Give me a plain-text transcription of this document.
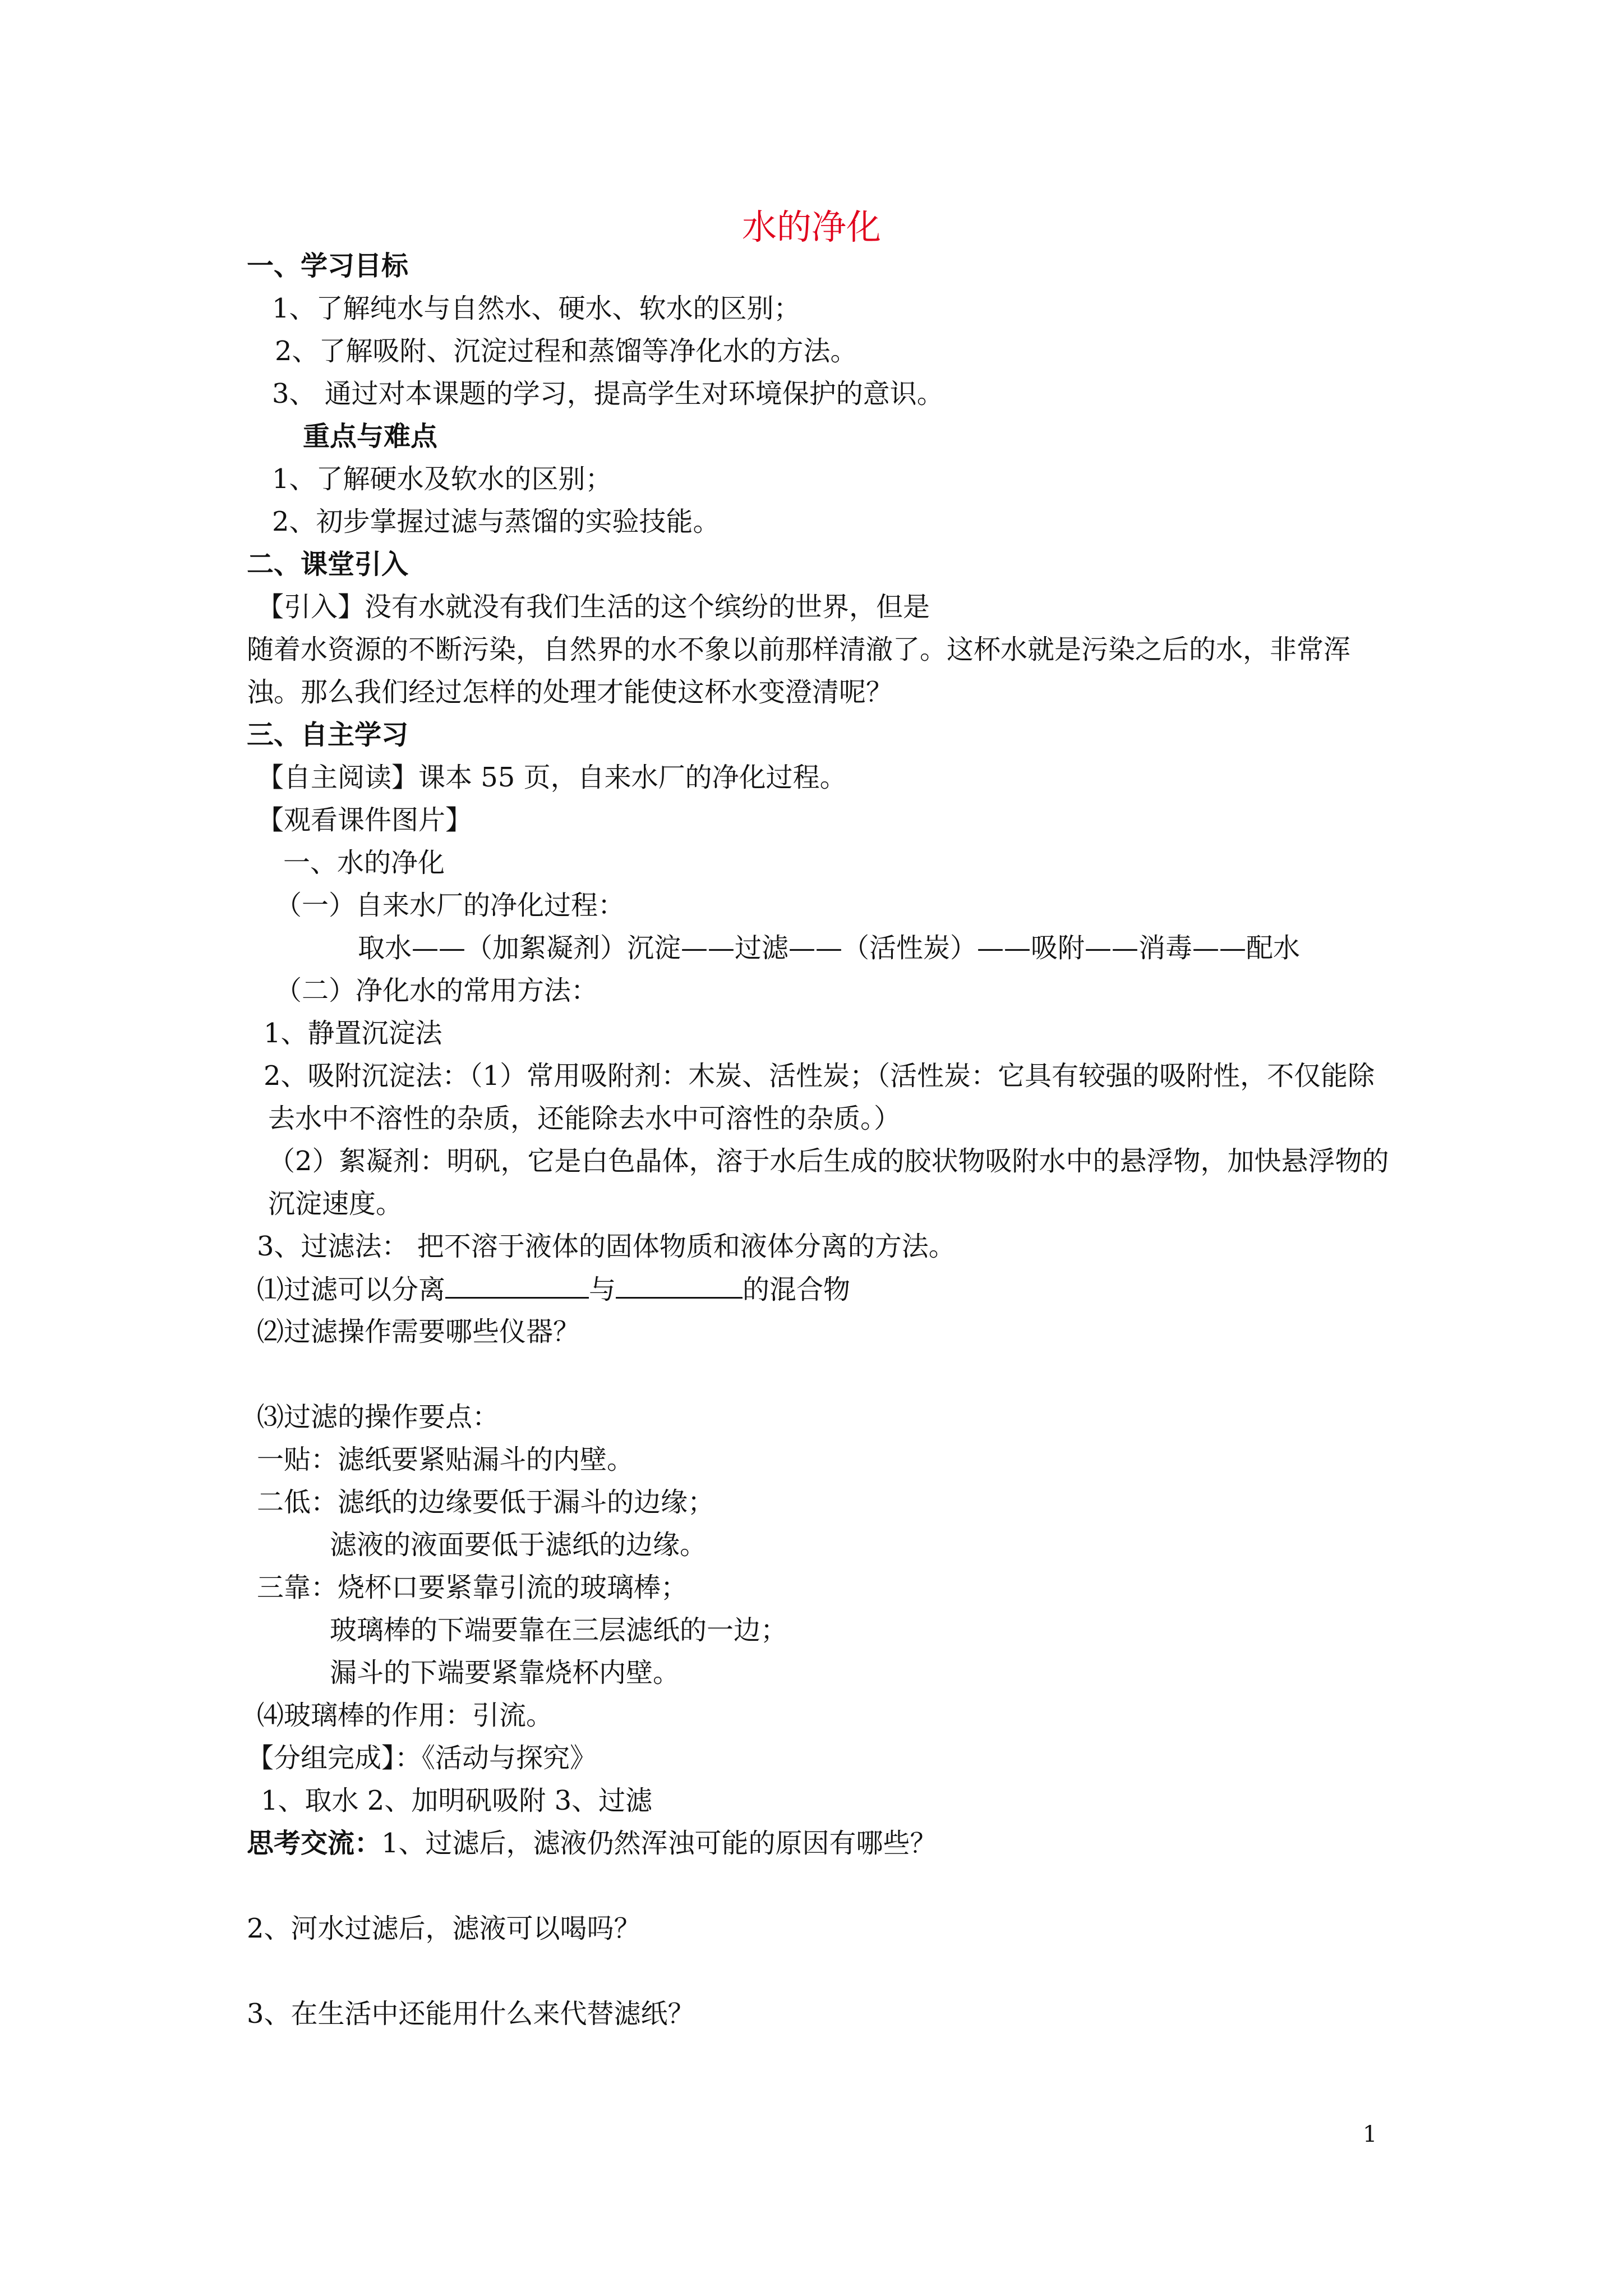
水的净化
一、学习目标
1、了解纯水与自然水、硬水、软水的区别；
2、了解吸附、沉淀过程和蒸馏等净化水的方法。
3、 通过对本课题的学习，提高学生对环境保护的意识。
重点与难点
1、了解硬水及软水的区别；
2、初步掌握过滤与蒸馏的实验技能。
二、课堂引入
【引入】没有水就没有我们生活的这个缤纷的世界，但是
随着水资源的不断污染，自然界的水不象以前那样清澈了。这杯水就是污染之后的水，非常浑
浊。那么我们经过怎样的处理才能使这杯水变澄清呢？
三、自主学习
【自主阅读】课本 55 页，自来水厂的净化过程。
【观看课件图片】
一、水的净化
（一）自来水厂的净化过程：
取水——（加絮凝剂）沉淀——过滤——（活性炭）——吸附——消毒——配水
（二）净化水的常用方法：
1、静置沉淀法
2、吸附沉淀法：（1）常用吸附剂：木炭、活性炭；（活性炭：它具有较强的吸附性，不仅能除
去水中不溶性的杂质，还能除去水中可溶性的杂质。）
（2）絮凝剂：明矾，它是白色晶体，溶于水后生成的胶状物吸附水中的悬浮物，加快悬浮物的
沉淀速度。
3、过滤法： 把不溶于液体的固体物质和液体分离的方法。
⑴过滤可以分离	与	的混合物
⑵过滤操作需要哪些仪器？
⑶过滤的操作要点：
一贴：滤纸要紧贴漏斗的内壁。
二低：滤纸的边缘要低于漏斗的边缘；
滤液的液面要低于滤纸的边缘。
三靠：烧杯口要紧靠引流的玻璃棒；
玻璃棒的下端要靠在三层滤纸的一边；
漏斗的下端要紧靠烧杯内壁。
⑷玻璃棒的作用：引流。
【分组完成】：《活动与探究》
1、取水 2、加明矾吸附 3、过滤
思考交流：1、过滤后，滤液仍然浑浊可能的原因有哪些？
2、河水过滤后，滤液可以喝吗？
3、在生活中还能用什么来代替滤纸？
1
